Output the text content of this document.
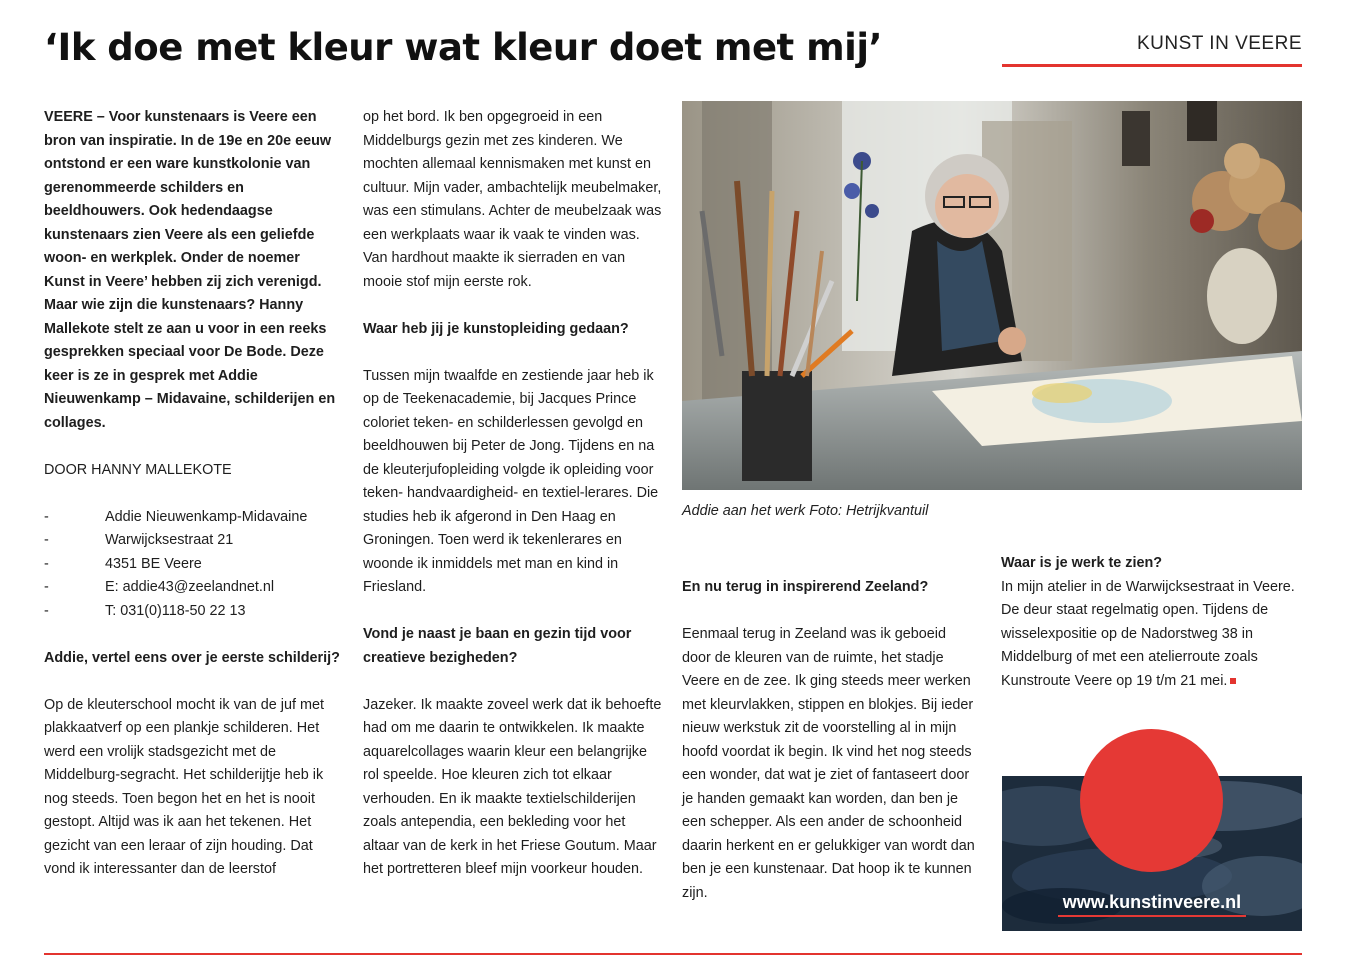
‘Ik doe met kleur wat kleur doet met mij’	KUNST IN VEERE

VEERE – Voor kunstenaars is Veere een bron van inspiratie. In de 19e en 20e eeuw ontstond er een ware kunstkolonie van gerenommeerde schilders en beeldhouwers. Ook hedendaagse kunstenaars zien Veere als een geliefde woon- en werkplek. Onder de noemer Kunst in Veere’ hebben zij zich verenigd. Maar wie zijn die kunstenaars? Hanny Mallekote stelt ze aan u voor in een reeks gesprekken speciaal voor De Bode. Deze keer is ze in gesprek met Addie Nieuwenkamp – Midavaine, schilderijen en collages.

DOOR HANNY MALLEKOTE

-	Addie Nieuwenkamp-Midavaine
-	Warwijcksestraat 21
-	4351 BE Veere
-	E: addie43@zeelandnet.nl
-	T: 031(0)118-50 22 13

Addie, vertel eens over je eerste schilderij?

Op de kleuterschool mocht ik van de juf met plakkaatverf op een plankje schilderen. Het werd een vrolijk stadsgezicht met de Middelburg-segracht. Het schilderijtje heb ik nog steeds. Toen begon het en het is nooit gestopt. Altijd was ik aan het tekenen. Het gezicht van een leraar of zijn houding. Dat vond ik interessanter dan de leerstof

op het bord. Ik ben opgegroeid in een Middelburgs gezin met zes kinderen. We mochten allemaal kennismaken met kunst en cultuur. Mijn vader, ambachtelijk meubelmaker, was een stimulans. Achter de meubelzaak was een werkplaats waar ik vaak te vinden was. Van hardhout maakte ik sierraden en van mooie stof mijn eerste rok.

Waar heb jij je kunstopleiding gedaan?

Tussen mijn twaalfde en zestiende jaar heb ik op de Teekenacademie, bij Jacques Prince coloriet teken- en schilderlessen gevolgd en beeldhouwen bij Peter de Jong. Tijdens en na de kleuterjufopleiding volgde ik opleiding voor teken- handvaardigheid- en textiel-lerares. Die studies heb ik afgerond in Den Haag en Groningen. Toen werd ik tekenlerares en woonde ik inmiddels met man en kind in Friesland.

Vond je naast je baan en gezin tijd voor creatieve bezigheden?

Jazeker. Ik maakte zoveel werk dat ik behoefte had om me daarin te ontwikkelen. Ik maakte aquarelcollages waarin kleur een belangrijke rol speelde. Hoe kleuren zich tot elkaar verhouden. En ik maakte textielschilderijen zoals antependia, een bekleding voor het altaar van de kerk in het Friese Goutum. Maar het portretteren bleef mijn voorkeur houden.

Addie aan het werk Foto: Hetrijkvantuil

En nu terug in inspirerend Zeeland?

Eenmaal terug in Zeeland was ik geboeid door de kleuren van de ruimte, het stadje Veere en de zee. Ik ging steeds meer werken met kleurvlakken, stippen en blokjes. Bij ieder nieuw werkstuk zit de voorstelling al in mijn hoofd voordat ik begin. Ik vind het nog steeds een wonder, dat wat je ziet of fantaseert door je handen gemaakt kan worden, dan ben je een schepper. Als een ander de schoonheid daarin herkent en er gelukkiger van wordt dan ben je een kunstenaar. Dat hoop ik te kunnen zijn.

Waar is je werk te zien?

In mijn atelier in de Warwijcksestraat in Veere. De deur staat regelmatig open. Tijdens de wisselexpositie op de Nadorstweg 38 in Middelburg of met een atelierroute zoals Kunstroute Veere op 19 t/m 21 mei.

www.kunstinveere.nl
